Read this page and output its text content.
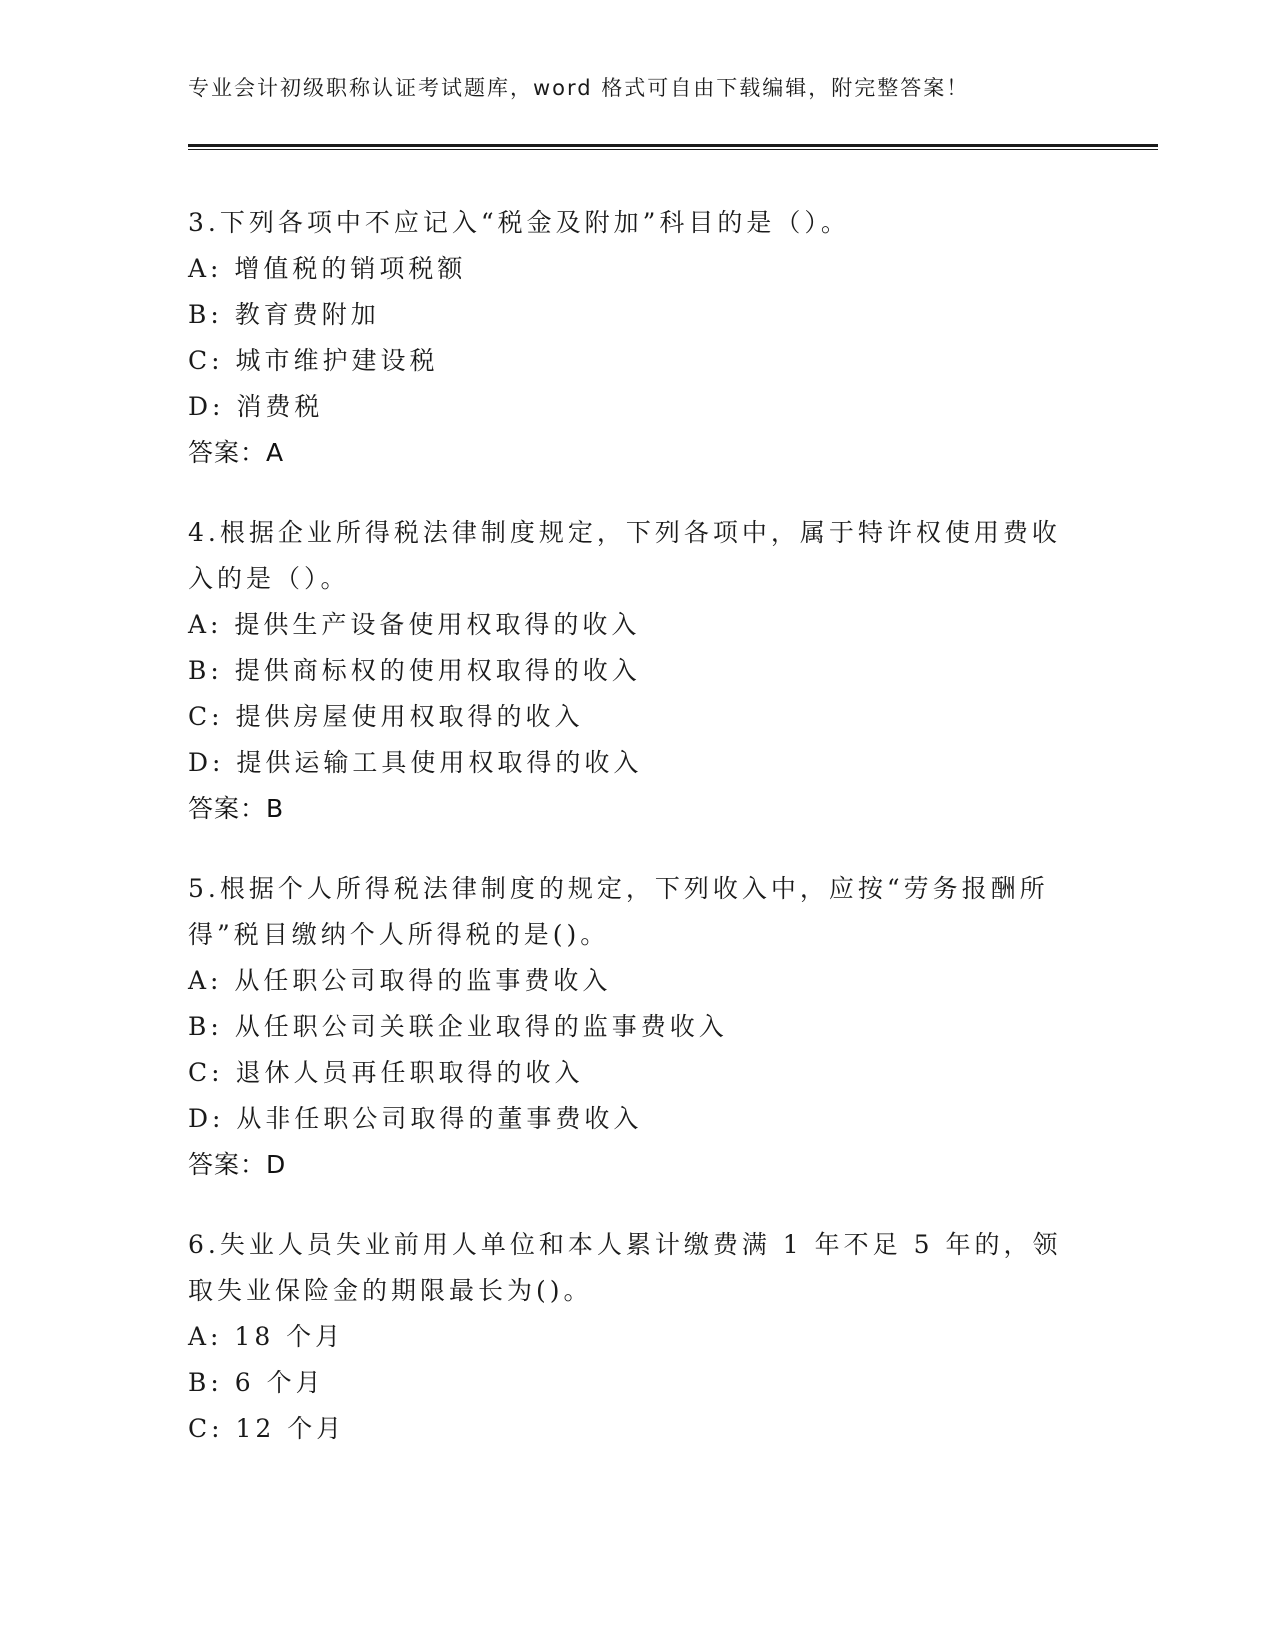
专业会计初级职称认证考试题库，word 格式可自由下载编辑，附完整答案！
3.下列各项中不应记入“税金及附加”科目的是（）。
A: 增值税的销项税额
B: 教育费附加
C: 城市维护建设税
D: 消费税
答案：A
4.根据企业所得税法律制度规定，下列各项中，属于特许权使用费收入的是（）。
A: 提供生产设备使用权取得的收入
B: 提供商标权的使用权取得的收入
C: 提供房屋使用权取得的收入
D: 提供运输工具使用权取得的收入
答案：B
5.根据个人所得税法律制度的规定，下列收入中，应按“劳务报酬所得”税目缴纳个人所得税的是()。
A: 从任职公司取得的监事费收入
B: 从任职公司关联企业取得的监事费收入
C: 退休人员再任职取得的收入
D: 从非任职公司取得的董事费收入
答案：D
6.失业人员失业前用人单位和本人累计缴费满 1 年不足 5 年的，领取失业保险金的期限最长为()。
A: 18 个月
B: 6 个月
C: 12 个月
